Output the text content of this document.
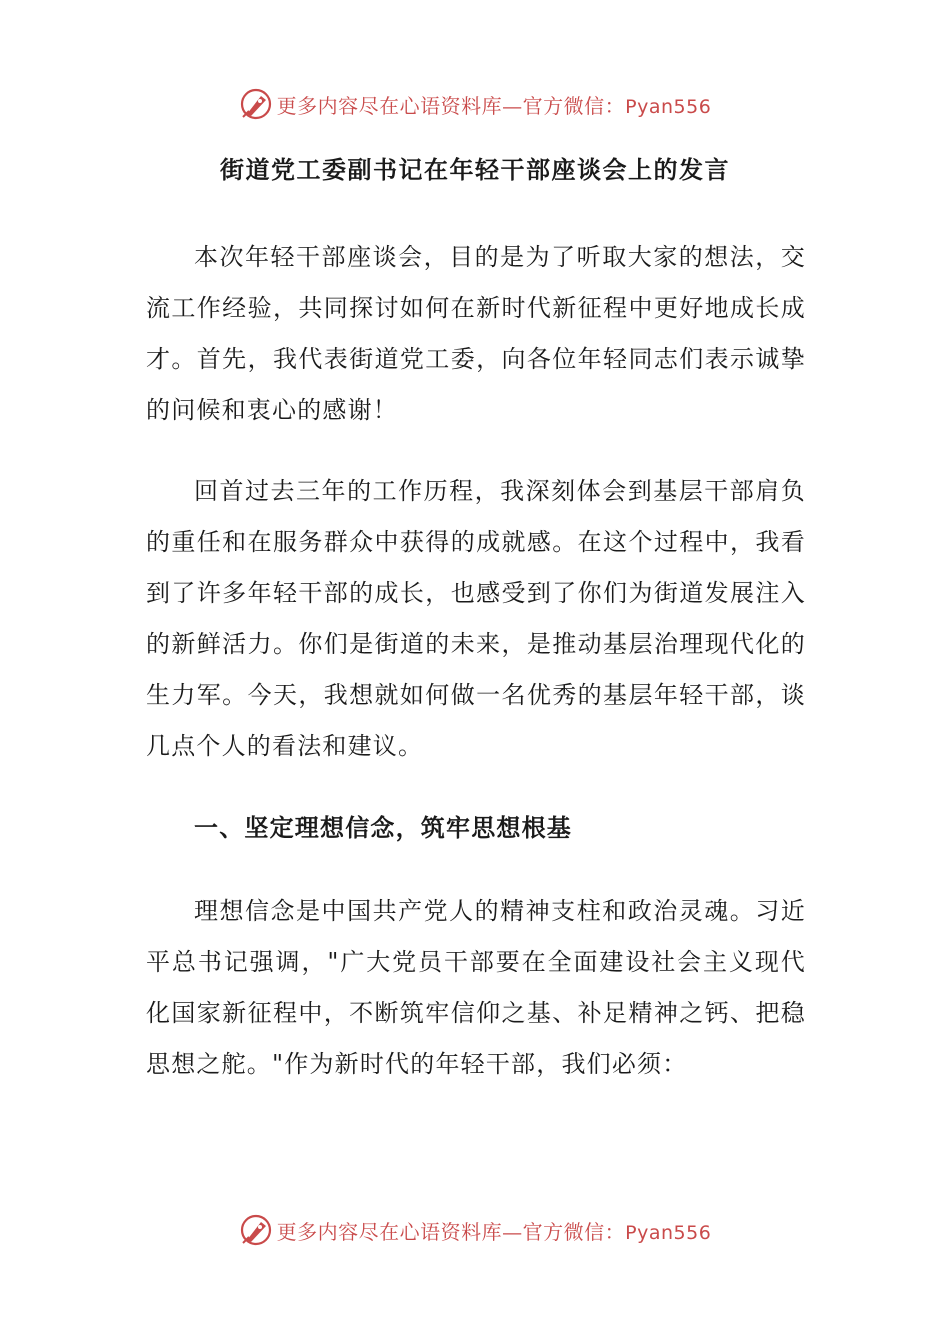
更多内容尽在心语资料库—官方微信：Pyan556
街道党工委副书记在年轻干部座谈会上的发言

本次年轻干部座谈会，目的是为了听取大家的想法，交流工作经验，共同探讨如何在新时代新征程中更好地成长成才。首先，我代表街道党工委，向各位年轻同志们表示诚挚的问候和衷心的感谢！

回首过去三年的工作历程，我深刻体会到基层干部肩负的重任和在服务群众中获得的成就感。在这个过程中，我看到了许多年轻干部的成长，也感受到了你们为街道发展注入的新鲜活力。你们是街道的未来，是推动基层治理现代化的生力军。今天，我想就如何做一名优秀的基层年轻干部，谈几点个人的看法和建议。

一、坚定理想信念，筑牢思想根基

理想信念是中国共产党人的精神支柱和政治灵魂。习近平总书记强调，"广大党员干部要在全面建设社会主义现代化国家新征程中，不断筑牢信仰之基、补足精神之钙、把稳思想之舵。"作为新时代的年轻干部，我们必须：

更多内容尽在心语资料库—官方微信：Pyan556
